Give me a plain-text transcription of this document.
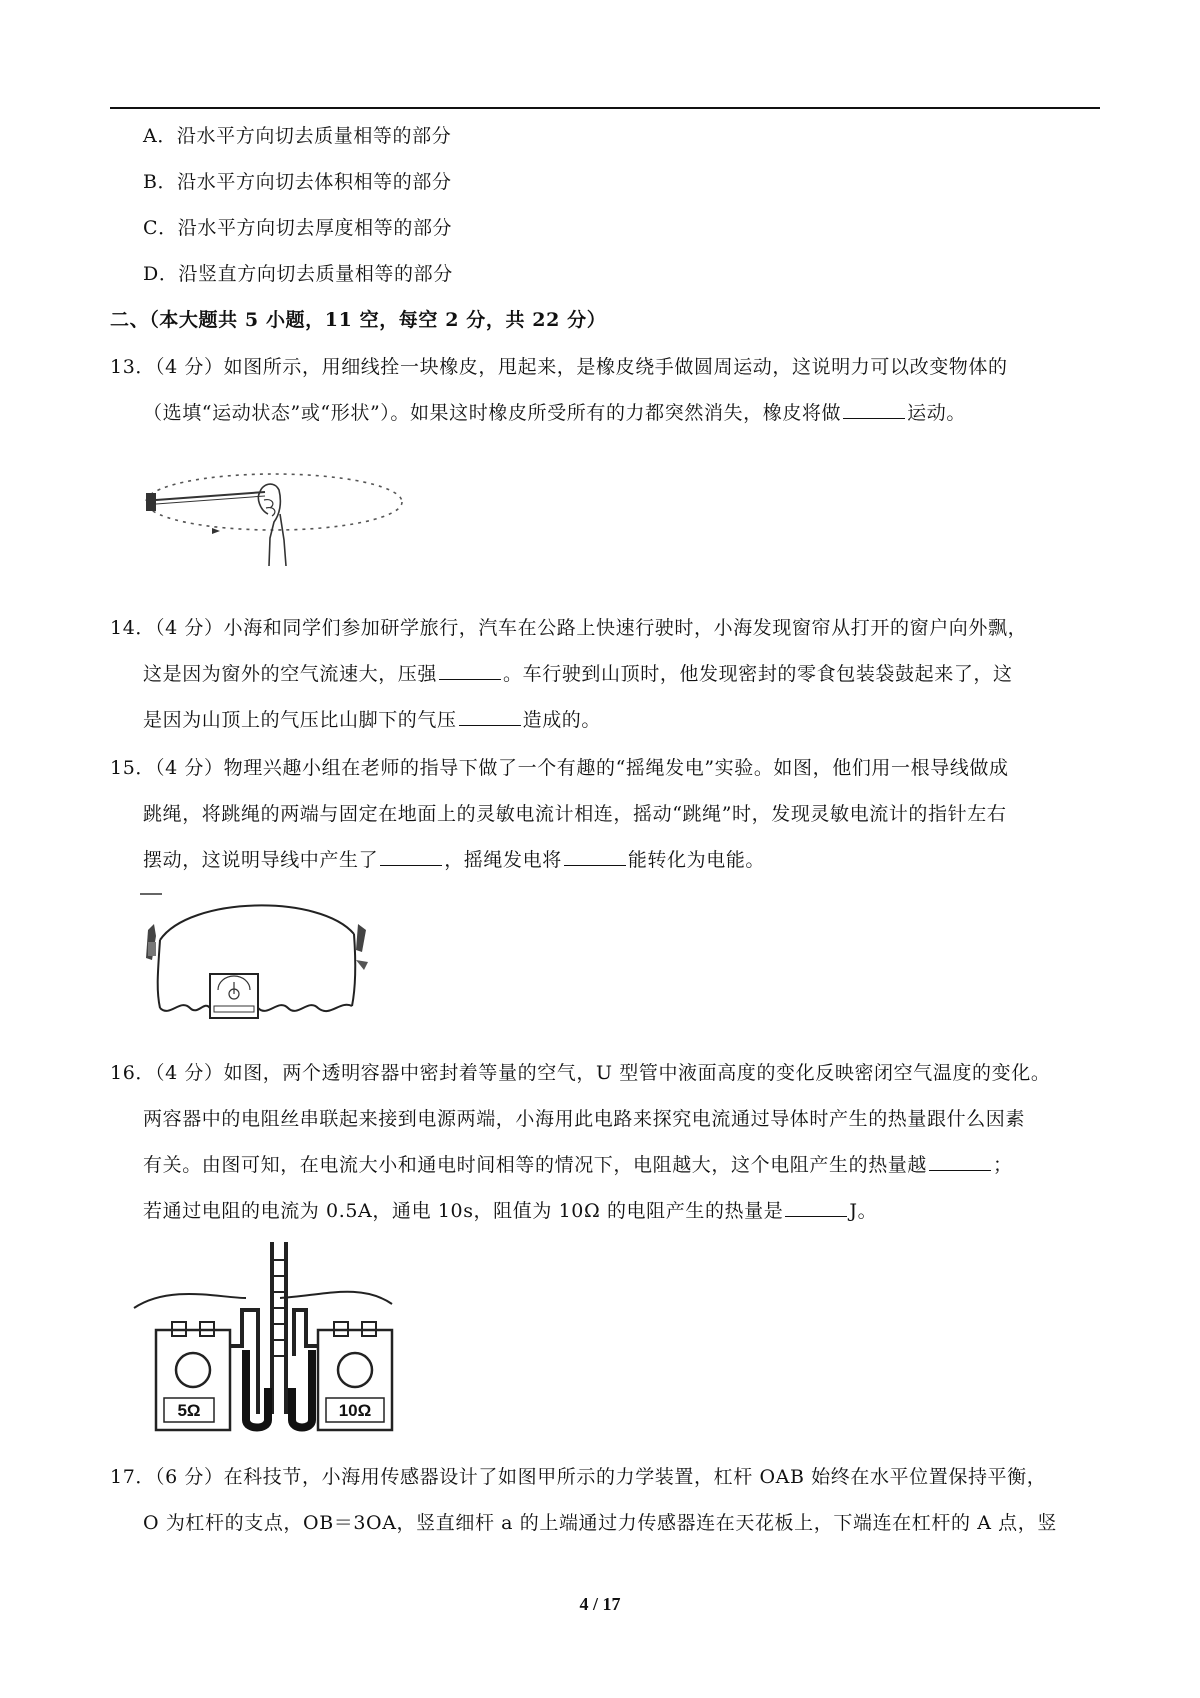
A．沿水平方向切去质量相等的部分
B．沿水平方向切去体积相等的部分
C．沿水平方向切去厚度相等的部分
D．沿竖直方向切去质量相等的部分
二、（本大题共 5 小题，11 空，每空 2 分，共 22 分）
13．（4 分）如图所示，用细线拴一块橡皮，甩起来，是橡皮绕手做圆周运动，这说明力可以改变物体的
（选填“运动状态”或“形状”）。如果这时橡皮所受所有的力都突然消失，橡皮将做	运动。
14．（4 分）小海和同学们参加研学旅行，汽车在公路上快速行驶时，小海发现窗帘从打开的窗户向外飘，
这是因为窗外的空气流速大，压强	。车行驶到山顶时，他发现密封的零食包装袋鼓起来了，这
是因为山顶上的气压比山脚下的气压	造成的。
15．（4 分）物理兴趣小组在老师的指导下做了一个有趣的“摇绳发电”实验。如图，他们用一根导线做成
跳绳，将跳绳的两端与固定在地面上的灵敏电流计相连，摇动“跳绳”时，发现灵敏电流计的指针左右
摆动，这说明导线中产生了	，摇绳发电将	能转化为电能。
16．（4 分）如图，两个透明容器中密封着等量的空气，U 型管中液面高度的变化反映密闭空气温度的变化。
两容器中的电阻丝串联起来接到电源两端，小海用此电路来探究电流通过导体时产生的热量跟什么因素
有关。由图可知，在电流大小和通电时间相等的情况下，电阻越大，这个电阻产生的热量越	；
若通过电阻的电流为 0.5A，通电 10s，阻值为 10Ω 的电阻产生的热量是	J。
5Ω	10Ω
17．（6 分）在科技节，小海用传感器设计了如图甲所示的力学装置，杠杆 OAB 始终在水平位置保持平衡，
O 为杠杆的支点，OB＝3OA，竖直细杆 a 的上端通过力传感器连在天花板上，下端连在杠杆的 A 点，竖
4 / 17
